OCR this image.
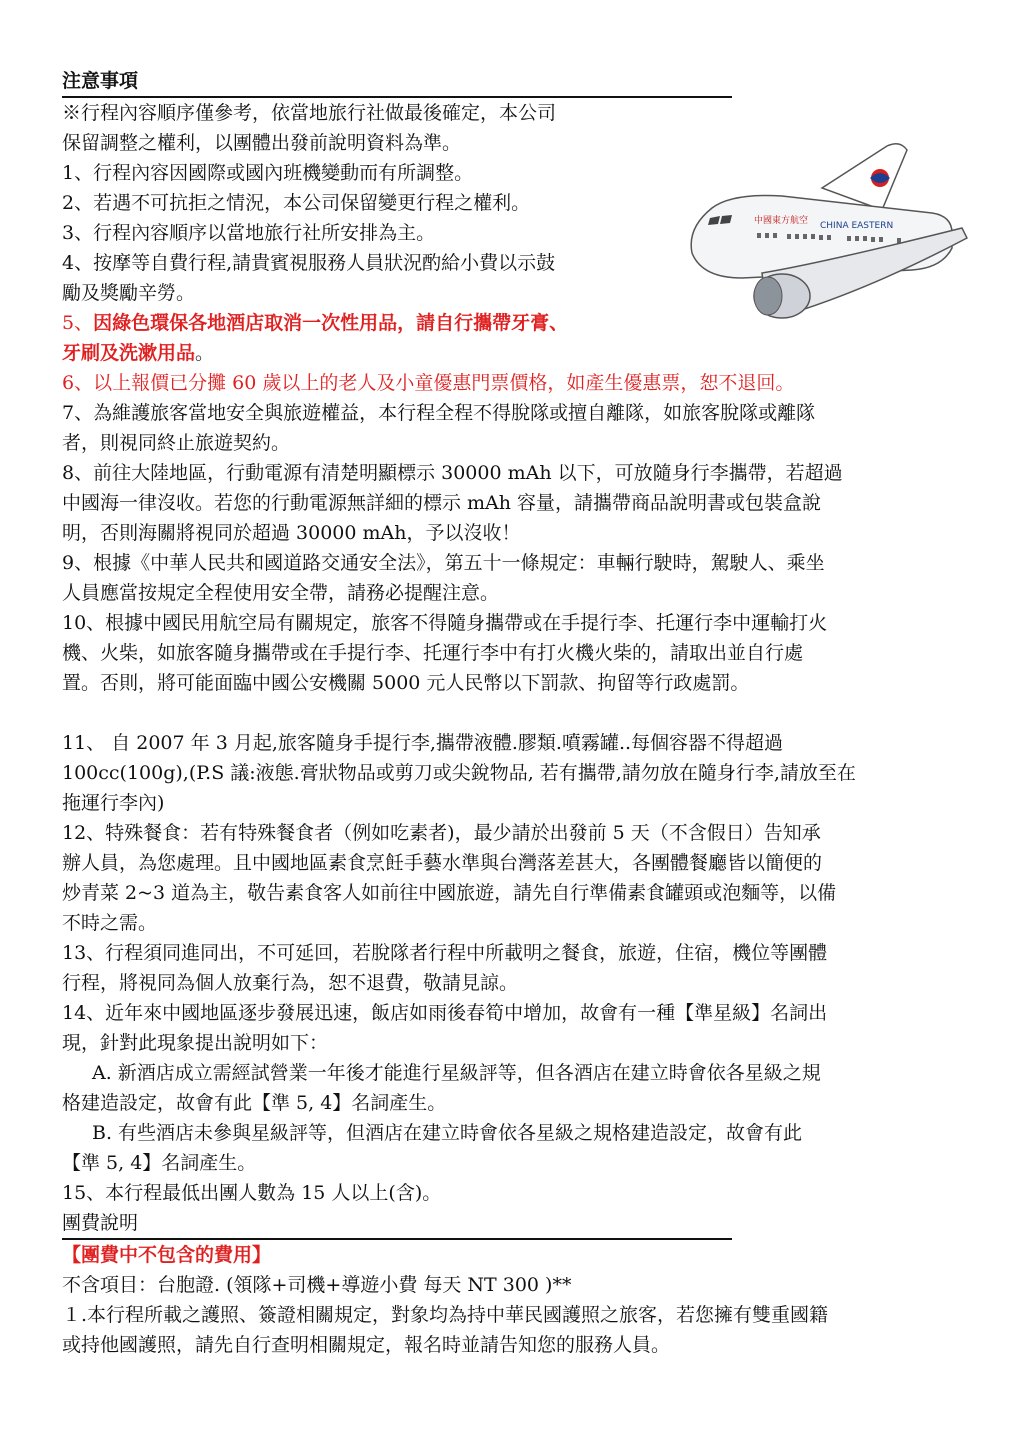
中國東方航空 CHINA EASTERN
注意事項
※行程內容順序僅參考，依當地旅行社做最後確定，本公司
保留調整之權利，以團體出發前說明資料為準。
1、行程內容因國際或國內班機變動而有所調整。
2、若遇不可抗拒之情況，本公司保留變更行程之權利。
3、行程內容順序以當地旅行社所安排為主。
4、按摩等自費行程,請貴賓視服務人員狀況酌給小費以示鼓
勵及獎勵辛勞。
5、因綠色環保各地酒店取消一次性用品，請自行攜帶牙膏、
牙刷及洗漱用品。
6、以上報價已分攤 60 歲以上的老人及小童優惠門票價格，如產生優惠票，恕不退回。
7、為維護旅客當地安全與旅遊權益，本行程全程不得脫隊或擅自離隊，如旅客脫隊或離隊
者，則視同終止旅遊契約。
8、前往大陸地區，行動電源有清楚明顯標示 30000 mAh 以下，可放隨身行李攜帶，若超過
中國海一律沒收。若您的行動電源無詳細的標示 mAh 容量，請攜帶商品說明書或包裝盒說
明，否則海關將視同於超過 30000 mAh，予以沒收！
9、根據《中華人民共和國道路交通安全法》，第五十一條規定：車輛行駛時，駕駛人、乘坐
人員應當按規定全程使用安全帶，請務必提醒注意。
10、根據中國民用航空局有關規定，旅客不得隨身攜帶或在手提行李、托運行李中運輸打火
機、火柴，如旅客隨身攜帶或在手提行李、托運行李中有打火機火柴的，請取出並自行處
置。否則，將可能面臨中國公安機關 5000 元人民幣以下罰款、拘留等行政處罰。
11、 自 2007 年 3 月起,旅客隨身手提行李,攜帶液體.膠類.噴霧罐..每個容器不得超過
100cc(100g),(P.S 議:液態.膏狀物品或剪刀或尖銳物品, 若有攜帶,請勿放在隨身行李,請放至在
拖運行李內)
12、特殊餐食：若有特殊餐食者（例如吃素者)，最少請於出發前 5 天（不含假日）告知承
辦人員，為您處理。且中國地區素食烹飪手藝水準與台灣落差甚大，各團體餐廳皆以簡便的
炒青菜 2~3 道為主，敬告素食客人如前往中國旅遊，請先自行準備素食罐頭或泡麵等，以備
不時之需。
13、行程須同進同出，不可延回，若脫隊者行程中所載明之餐食，旅遊，住宿，機位等團體
行程，將視同為個人放棄行為，恕不退費，敬請見諒。
14、近年來中國地區逐步發展迅速，飯店如雨後春筍中增加，故會有一種【準星級】名詞出
現，針對此現象提出說明如下：
A. 新酒店成立需經試營業一年後才能進行星級評等，但各酒店在建立時會依各星級之規
格建造設定，故會有此【準 5, 4】名詞產生。
B. 有些酒店未參與星級評等，但酒店在建立時會依各星級之規格建造設定，故會有此
【準 5, 4】名詞產生。
15、本行程最低出團人數為 15 人以上(含)。
團費說明
【團費中不包含的費用】
不含項目：台胞證. (領隊+司機+導遊小費 每天 NT 300 )**
１.本行程所載之護照、簽證相關規定，對象均為持中華民國護照之旅客，若您擁有雙重國籍
或持他國護照，請先自行查明相關規定，報名時並請告知您的服務人員。
